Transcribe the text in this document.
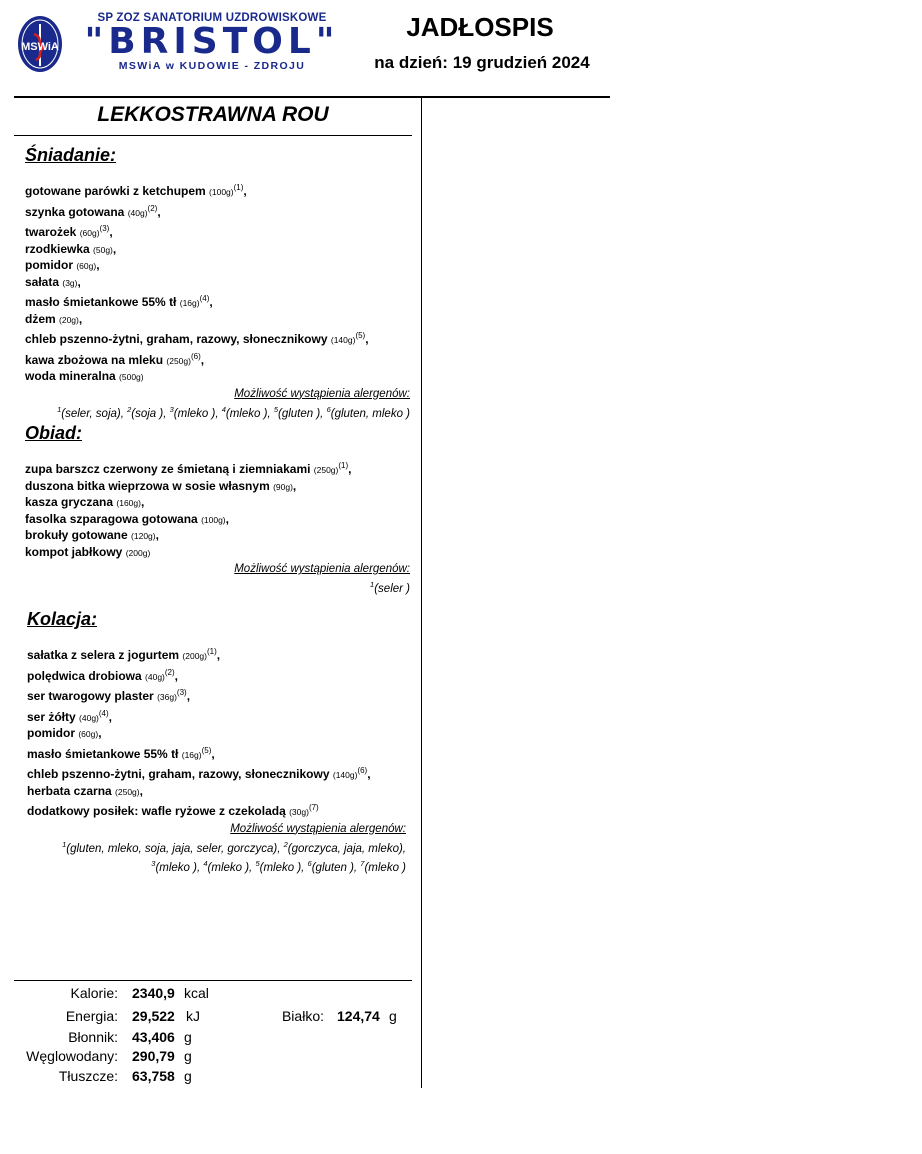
MSWiA
SP ZOZ SANATORIUM UZDROWISKOWE
"BRISTOL"
MSWiA w KUDOWIE - ZDROJU
JADŁOSPIS
na dzień: 19 grudzień 2024
LEKKOSTRAWNA ROU
Śniadanie:
gotowane parówki z ketchupem $(100g)^{(1)}$,
szynka gotowana $(40g)^{(2)}$,
twarożek $(60g)^{(3)}$,
rzodkiewka (50g),
pomidor (60g),
sałata (3g),
masło śmietankowe 55% tł $(16g)^{(4)}$,
dżem (20g),
chleb pszenno-żytni, graham, razowy, słonecznikowy $(140g)^{(5)}$,
kawa zbożowa na mleku $(250g)^{(6)}$,
woda mineralna (500g)
Możliwość wystąpienia alergenów:
$^1$(seler, soja), $^2$(soja ), $^3$(mleko ), $^4$(mleko ), $^5$(gluten ), $^6$(gluten, mleko )
Obiad:
zupa barszcz czerwony ze śmietaną i ziemniakami $(250g)^{(1)}$,
duszona bitka wieprzowa w sosie własnym (90g),
kasza gryczana (160g),
fasolka szparagowa gotowana (100g),
brokuły gotowane (120g),
kompot jabłkowy (200g)
Możliwość wystąpienia alergenów:
$^1$(seler )
Kolacja:
sałatka z selera z jogurtem $(200g)^{(1)}$,
polędwica drobiowa $(40g)^{(2)}$,
ser twarogowy plaster $(36g)^{(3)}$,
ser żółty $(40g)^{(4)}$,
pomidor (60g),
masło śmietankowe 55% tł $(16g)^{(5)}$,
chleb pszenno-żytni, graham, razowy, słonecznikowy $(140g)^{(6)}$,
herbata czarna (250g),
dodatkowy posiłek: wafle ryżowe z czekoladą $(30g)^{(7)}$
Możliwość wystąpienia alergenów:
$^1$(gluten, mleko, soja, jaja, seler, gorczyca), $^2$(gorczyca, jaja, mleko),
$^3$(mleko ), $^4$(mleko ), $^5$(mleko ), $^6$(gluten ), $^7$(mleko )
Kalorie: 2340,9 kcal
Energia: 29,522 kJ	Białko: 124,74 g
Błonnik: 43,406 g
Węglowodany: 290,79 g
Tłuszcze: 63,758 g
